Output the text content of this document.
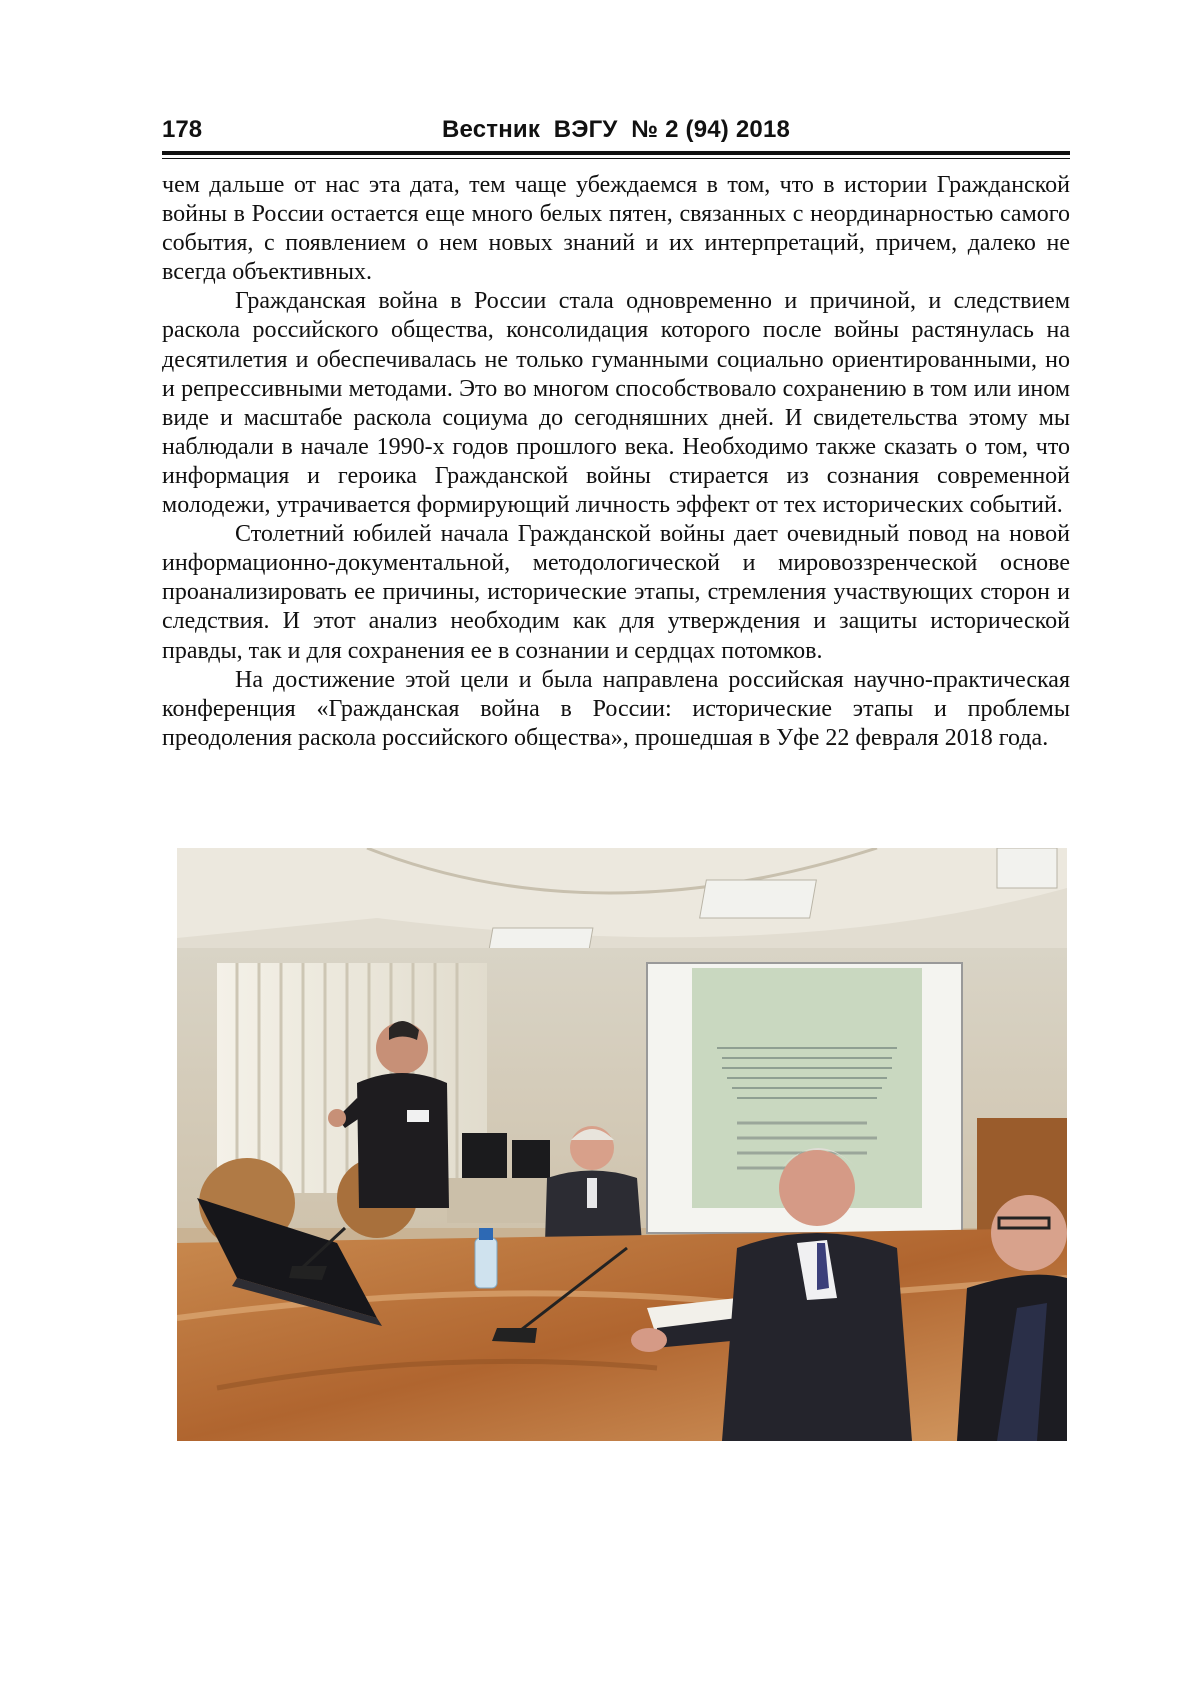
178	Вестник  ВЭГУ  № 2 (94) 2018

чем дальше от нас эта дата, тем чаще убеждаемся в том, что в истории Гражданской войны в России остается еще много белых пятен, связанных с неординарностью самого события, с появлением о нем новых знаний и их интерпретаций, причем, далеко не всегда объективных.

Гражданская война в России стала одновременно и причиной, и следствием раскола российского общества, консолидация которого после войны растянулась на десятилетия и обеспечивалась не только гуманными социально ориентированными, но и репрессивными методами. Это во многом способствовало сохранению в том или ином виде и масштабе раскола социума до сегодняшних дней. И свидетельства этому мы наблюдали в начале 1990-х годов прошлого века. Необходимо также сказать о том, что информация и героика Гражданской войны стирается из сознания современной молодежи, утрачивается формирующий личность эффект от тех исторических событий.

Столетний юбилей начала Гражданской войны дает очевидный повод на новой информационно-документальной, методологической и мировоззренческой основе проанализировать ее причины, исторические этапы, стремления участвующих сторон и следствия. И этот анализ необходим как для утверждения и защиты исторической правды, так и для сохранения ее в сознании и сердцах потомков.

На достижение этой цели и была направлена российская научно-практическая конференция «Гражданская война в России: исторические этапы и проблемы преодоления раскола российского общества», прошедшая в Уфе 22 февраля 2018 года.
